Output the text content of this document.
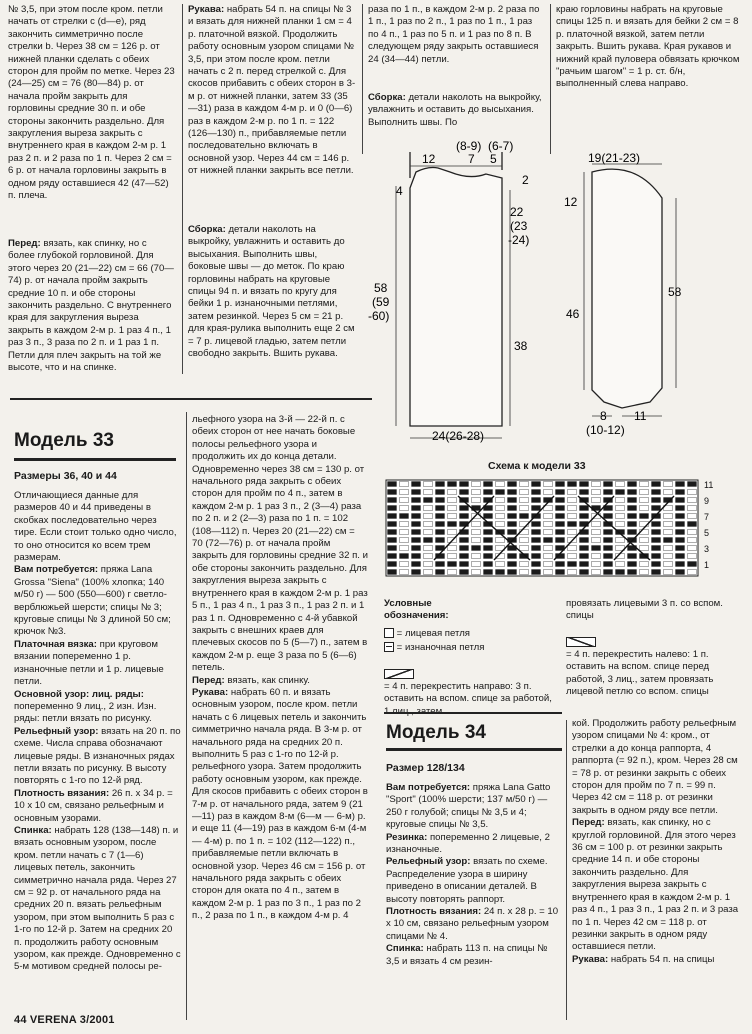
№ 3,5, при этом после кром. петли начать от стрелки с (d—e), ряд закончить симметрично после стрелки b. Через 38 см = 126 р. от нижней планки сделать с обеих сторон для пройм по метке. Через 23 (24—25) см = 76 (80—84) р. от начала пройм закрыть для горловины средние 30 п. и обе стороны закончить раздельно. Для закругления выреза закрыть с внутреннего края в каждом 2-м р. 1 раз 2 п. и 2 раза по 1 п. Через 2 см = 6 р. от начала горловины закрыть в одном ряду оставшиеся 42 (47—52) п. плеча.
Перед: вязать, как спинку, но с более глубокой горловиной. Для этого через 20 (21—22) см = 66 (70—74) р. от начала пройм закрыть средние 10 п. и обе стороны закончить раздельно. С внутреннего края для закругления выреза закрыть в каждом 2-м р. 1 раз 4 п., 1 раз 3 п., 3 раза по 2 п. и 1 раз 1 п. Петли для плеч закрыть на той же высоте, что и на спинке.
Рукава: набрать 54 п. на спицы № 3 и вязать для нижней планки 1 см = 4 р. платочной вязкой. Продолжить работу основным узором спицами № 3,5, при этом после кром. петли начать с 2 п. перед стрелкой c. Для скосов прибавить с обеих сторон в 3-м р. от нижней планки, затем 33 (35—31) раза в каждом 4-м р. и 0 (0—6) раз в каждом 2-м р. по 1 п. = 122 (126—130) п., прибавляемые петли последовательно включать в основной узор. Через 44 см = 146 р. от нижней планки закрыть все петли.
Сборка: детали наколоть на выкройку, увлажнить и оставить до высыхания. Выполнить швы, боковые швы — до меток. По краю горловины набрать на круговые спицы 94 п. и вязать по кругу для бейки 1 р. изнаночными петлями, затем резинкой. Через 5 см = 21 р. для края-рулика выполнить еще 2 см = 7 р. лицевой гладью, затем петли свободно закрыть. Вшить рукава.
раза по 1 п., в каждом 2-м р. 2 раза по 1 п., 1 раз по 2 п., 1 раз по 1 п., 1 раз по 4 п., 1 раз по 5 п. и 1 раз по 8 п. В следующем ряду закрыть оставшиеся 24 (34—44) петли.
Сборка: детали наколоть на выкройку, увлажнить и оставить до высыхания. Выполнить швы. По
краю горловины набрать на круговые спицы 125 п. и вязать для бейки 2 см = 8 р. платочной вязкой, затем петли закрыть. Вшить рукава. Края рукавов и нижний край пуловера обвязать крючком "рачьим шагом" = 1 р. ст. б/н, выполненный слева направо.
12	7
(8-9)
5
(6-7)
4
2
22
(23
-24)
58
(59
-60)
38
24(26-28)
19(21-23)
12
46
58
8
(10-12)
11
Модель 33
Размеры 36, 40 и 44
Отличающиеся данные для размеров 40 и 44 приведены в скобках последовательно через тире. Если стоит только одно число, то оно относится ко всем трем размерам.
Вам потребуется: пряжа Lana Grossa "Siena" (100% хлопка; 140 м/50 г) — 500 (550—600) г светло-верблюжьей шерсти; спицы № 3; круговые спицы № 3 длиной 50 см; крючок №3.
Платочная вязка: при круговом вязании попеременно 1 р. изнаночные петли и 1 р. лицевые петли.
Основной узор: лиц. ряды: попеременно 9 лиц., 2 изн. Изн. ряды: петли вязать по рисунку.
Рельефный узор: вязать на 20 п. по схеме. Числа справа обозначают лицевые ряды. В изнаночных рядах петли вязать по рисунку. В высоту повторять с 1-го по 12-й ряд.
Плотность вязания: 26 п. х 34 р. = 10 х 10 см, связано рельефным и основным узорами.
Спинка: набрать 128 (138—148) п. и вязать основным узором, после кром. петли начать с 7 (1—6) лицевых петель, закончить симметрично начала ряда. Через 27 см = 92 р. от начального ряда на средних 20 п. вязать рельефным узором, при этом выполнить 5 раз с 1-го по 12-й р. Затем на средних 20 п. продолжить работу основным узором, как прежде. Одновременно с 5-м мотивом средней полосы ре-
льефного узора на 3-й — 22-й п. с обеих сторон от нее начать боковые полосы рельефного узора и продолжить их до конца детали. Одновременно через 38 см = 130 р. от начального ряда закрыть с обеих сторон для пройм по 4 п., затем в каждом 2-м р. 1 раз 3 п., 2 (3—4) раза по 2 п. и 2 (2—3) раза по 1 п. = 102 (108—112) п. Через 20 (21—22) см = 70 (72—76) р. от начала пройм закрыть для горловины средние 32 п. и обе стороны закончить раздельно. Для закругления выреза закрыть с внутреннего края в каждом 2-м р. 1 раз 5 п., 1 раз 4 п., 1 раз 3 п., 1 раз 2 п. и 1 раз 1 п. Одновременно с 4-й убавкой закрыть с внешних краев для плечевых скосов по 5 (5—7) п., затем в каждом 2-м р. еще 3 раза по 5 (6—6) петель.
Перед: вязать, как спинку.
Рукава: набрать 60 п. и вязать основным узором, после кром. петли начать с 6 лицевых петель и закончить симметрично начала ряда. В 3-м р. от начального ряда на средних 20 п. выполнить 5 раз с 1-го по 12-й р. рельефного узора. Затем продолжить работу основным узором, как прежде. Для скосов прибавить с обеих сторон в 7-м р. от начального ряда, затем 9 (21—11) раз в каждом 8-м (6—м — 6-м) р. и еще 11 (4—19) раз в каждом 6-м (4-м — 4-м) р. по 1 п. = 102 (112—122) п., прибавляемые петли включать в основной узор. Через 46 см = 156 р. от начального ряда закрыть с обеих сторон для оката по 4 п., затем в каждом 2-м р. 1 раз по 3 п., 1 раз по 2 п., 2 раза по 1 п., в каждом 4-м р. 4
Схема к модели 33
11
9
7
5
3
1
Условные
обозначения:
= лицевая петля
= изнаночная петля

= 4 п. перекрестить направо: 3 п. оставить на вспом. спице за работой,

провязать лицевыми 3 п. со вспом. спицы

= 4 п. перекрестить налево: 1 п. оставить на вспом. спице перед работой, 3 лиц., затем провязать лицевой петлю со вспом. спицы

Модель 34
Размер 128/134
Вам потребуется: пряжа Lana Gatto "Sport" (100% шерсти; 137 м/50 г) — 250 г голубой; спицы № 3,5 и 4; круговые спицы № 3,5.
Резинка: попеременно 2 лицевые, 2 изнаночные.
Рельефный узор: вязать по схеме. Распределение узора в ширину приведено в описании деталей. В высоту повторять раппорт.
Плотность вязания: 24 п. х 28 р. = 10 х 10 см, связано рельефным узором спицами № 4.
Спинка: набрать 113 п. на спицы № 3,5 и вязать 4 см резин-
кой. Продолжить работу рельефным узором спицами № 4: кром., от стрелки a до конца раппорта, 4 раппорта (= 92 п.), кром. Через 28 см = 78 р. от резинки закрыть с обеих сторон для пройм по 7 п. = 99 п. Через 42 см = 118 р. от резинки закрыть в одном ряду все петли.
Перед: вязать, как спинку, но с круглой горловиной. Для этого через 36 см = 100 р. от резинки закрыть средние 14 п. и обе стороны закончить раздельно. Для закругления выреза закрыть с внутреннего края в каждом 2-м р. 1 раз 4 п., 1 раз 3 п., 1 раз 2 п. и 3 раза по 1 п. Через 42 см = 118 р. от резинки закрыть в одном ряду оставшиеся петли.
Рукава: набрать 54 п. на спицы
44 VERENA 3/2001
